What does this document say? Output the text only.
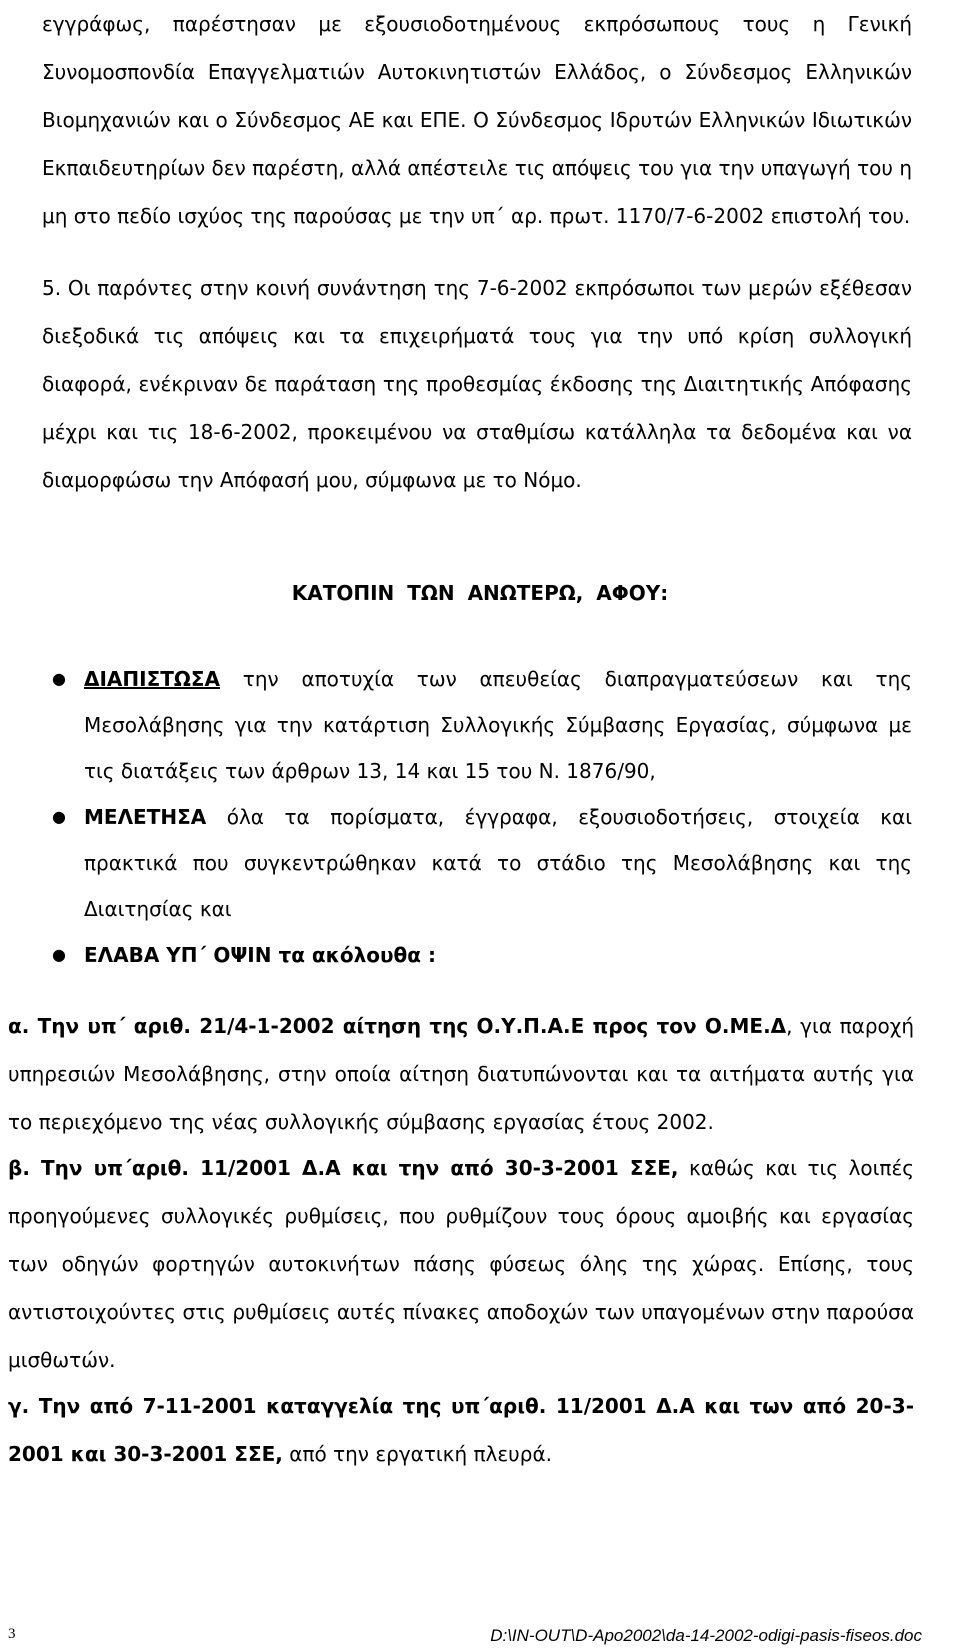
εγγράφως, παρέστησαν με εξουσιοδοτημένους εκπρόσωπους τους η Γενική Συνομοσπονδία Επαγγελματιών Αυτοκινητιστών Ελλάδος, ο Σύνδεσμος Ελληνικών Βιομηχανιών και ο Σύνδεσμος ΑΕ και ΕΠΕ. Ο Σύνδεσμος Ιδρυτών Ελληνικών Ιδιωτικών Εκπαιδευτηρίων δεν παρέστη, αλλά απέστειλε τις απόψεις του για την υπαγωγή του η μη στο πεδίο ισχύος της παρούσας με την υπ΄ αρ. πρωτ. 1170/7-6-2002 επιστολή του.
5. Οι παρόντες στην κοινή συνάντηση της 7-6-2002 εκπρόσωποι των μερών εξέθεσαν διεξοδικά τις απόψεις και τα επιχειρήματά τους για την υπό κρίση συλλογική διαφορά, ενέκριναν δε παράταση της προθεσμίας έκδοσης της Διαιτητικής Απόφασης μέχρι και τις 18-6-2002, προκειμένου να σταθμίσω κατάλληλα τα δεδομένα και να διαμορφώσω την Απόφασή μου, σύμφωνα με το Νόμο.
ΚΑΤΟΠΙΝ ΤΩΝ ΑΝΩΤΕΡΩ, ΑΦΟΥ:
● ΔΙΑΠΙΣΤΩΣΑ την αποτυχία των απευθείας διαπραγματεύσεων και της Μεσολάβησης για την κατάρτιση Συλλογικής Σύμβασης Εργασίας, σύμφωνα με τις διατάξεις των άρθρων 13, 14 και 15 του Ν. 1876/90,
● ΜΕΛΕΤΗΣΑ όλα τα πορίσματα, έγγραφα, εξουσιοδοτήσεις, στοιχεία και πρακτικά που συγκεντρώθηκαν κατά το στάδιο της Μεσολάβησης και της Διαιτησίας και
● ΕΛΑΒΑ ΥΠ΄ ΟΨΙΝ τα ακόλουθα :
α. Την υπ΄ αριθ. 21/4-1-2002 αίτηση της Ο.Υ.Π.Α.Ε προς τον Ο.ΜΕ.Δ, για παροχή υπηρεσιών Μεσολάβησης, στην οποία αίτηση διατυπώνονται και τα αιτήματα αυτής για το περιεχόμενο της νέας συλλογικής σύμβασης εργασίας έτους 2002.
β. Την υπ΄αριθ. 11/2001 Δ.Α και την από 30-3-2001 ΣΣΕ, καθώς και τις λοιπές προηγούμενες συλλογικές ρυθμίσεις, που ρυθμίζουν τους όρους αμοιβής και εργασίας των οδηγών φορτηγών αυτοκινήτων πάσης φύσεως όλης της χώρας. Επίσης, τους αντιστοιχούντες στις ρυθμίσεις αυτές πίνακες αποδοχών των υπαγομένων στην παρούσα μισθωτών.
γ. Την από 7-11-2001 καταγγελία της υπ΄αριθ. 11/2001 Δ.Α και των από 20-3-2001 και 30-3-2001 ΣΣΕ, από την εργατική πλευρά.
3	D:\IN-OUT\D-Apo2002\da-14-2002-odigi-pasis-fiseos.doc
